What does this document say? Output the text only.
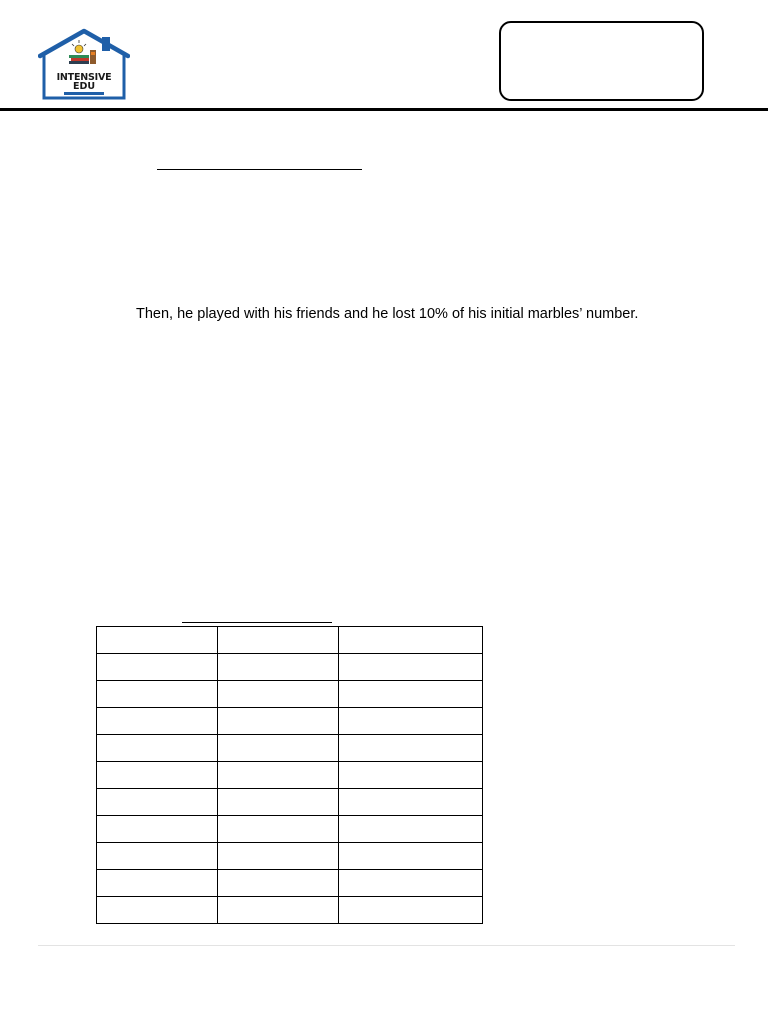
INTENSIVE
EDU
Then, he played with his friends and he lost 10% of his initial marbles’ number.
